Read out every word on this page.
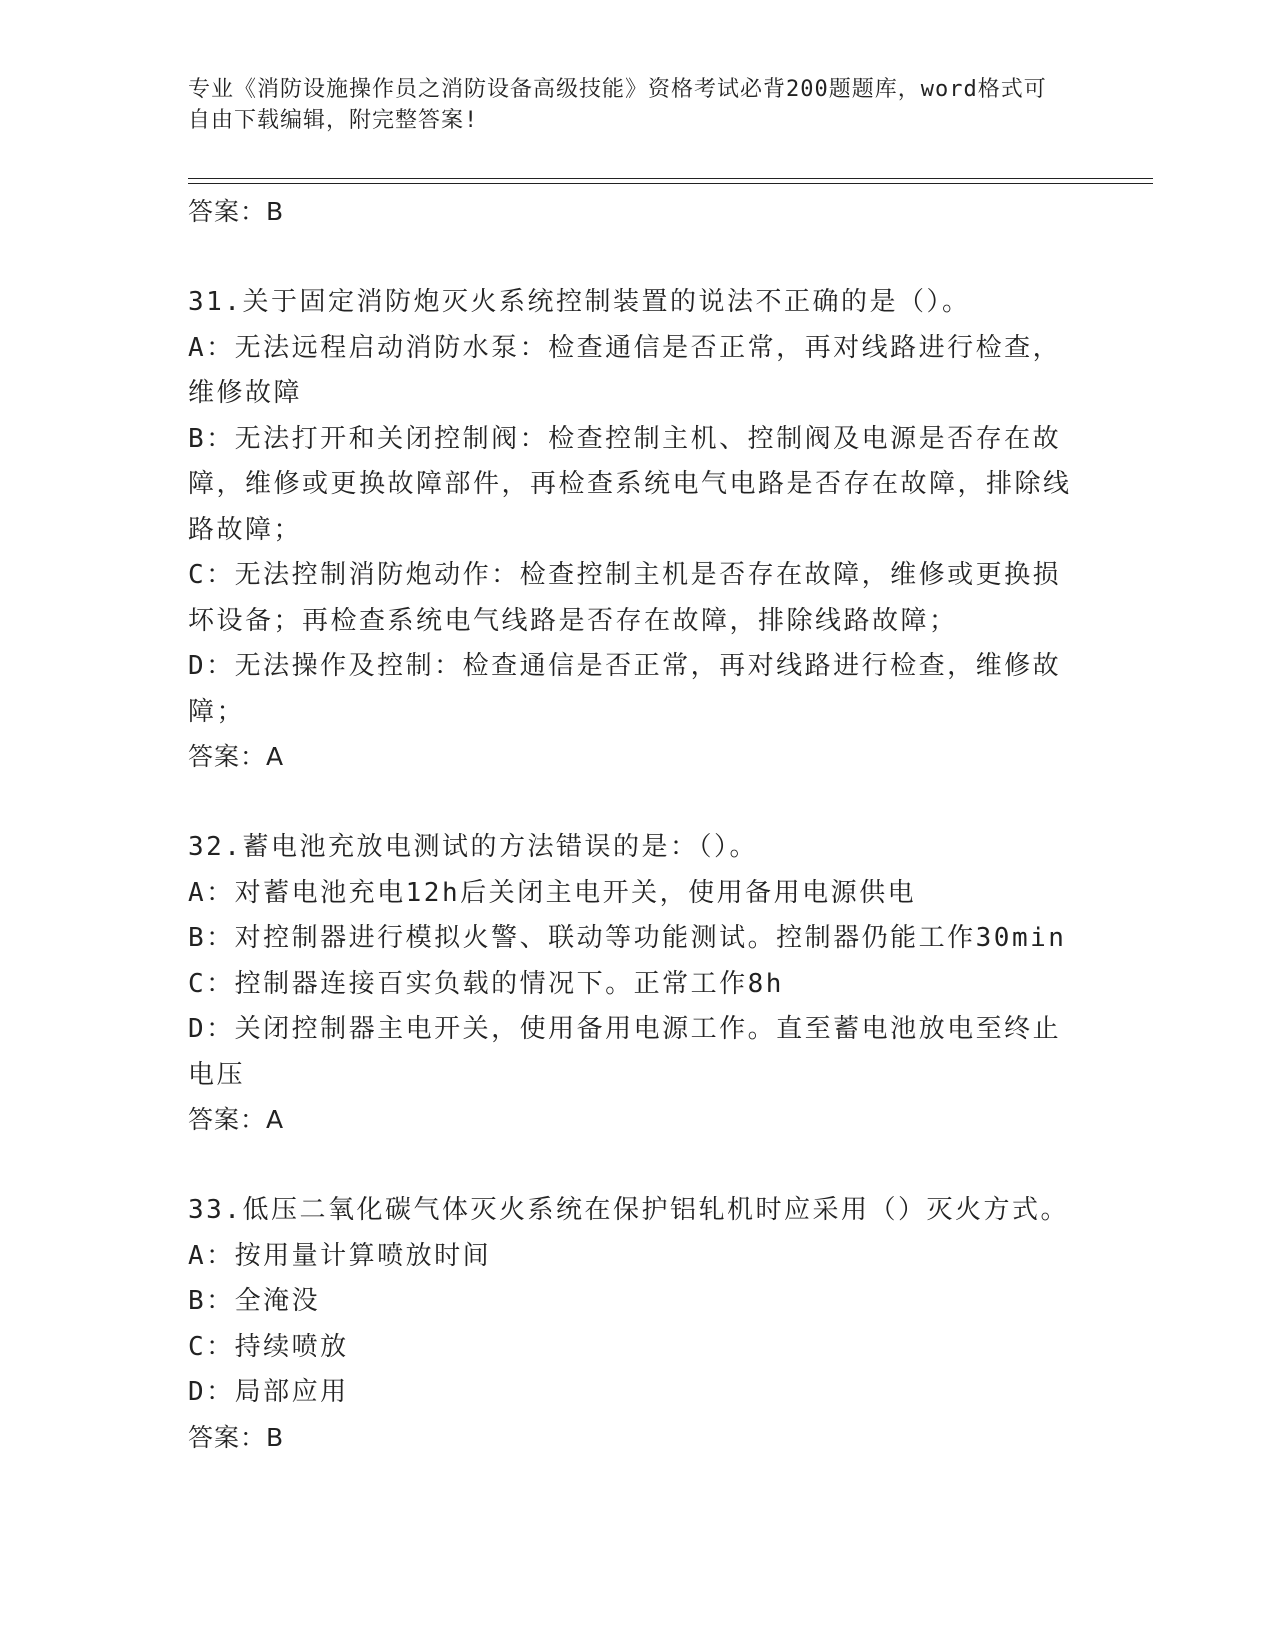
专业《消防设施操作员之消防设备高级技能》资格考试必背200题题库，word格式可自由下载编辑，附完整答案!
答案：B
31.关于固定消防炮灭火系统控制装置的说法不正确的是（）。
A：无法远程启动消防水泵：检查通信是否正常，再对线路进行检查，维修故障
B：无法打开和关闭控制阀：检查控制主机、控制阀及电源是否存在故障，维修或更换故障部件，再检查系统电气电路是否存在故障，排除线路故障；
C：无法控制消防炮动作：检查控制主机是否存在故障，维修或更换损坏设备；再检查系统电气线路是否存在故障，排除线路故障；
D：无法操作及控制：检查通信是否正常，再对线路进行检查，维修故障；
答案：A
32.蓄电池充放电测试的方法错误的是：（）。
A：对蓄电池充电12h后关闭主电开关，使用备用电源供电
B：对控制器进行模拟火警、联动等功能测试。控制器仍能工作30min
C：控制器连接百实负载的情况下。正常工作8h
D：关闭控制器主电开关，使用备用电源工作。直至蓄电池放电至终止电压
答案：A
33.低压二氧化碳气体灭火系统在保护铝轧机时应采用（）灭火方式。
A：按用量计算喷放时间
B：全淹没
C：持续喷放
D：局部应用
答案：B
